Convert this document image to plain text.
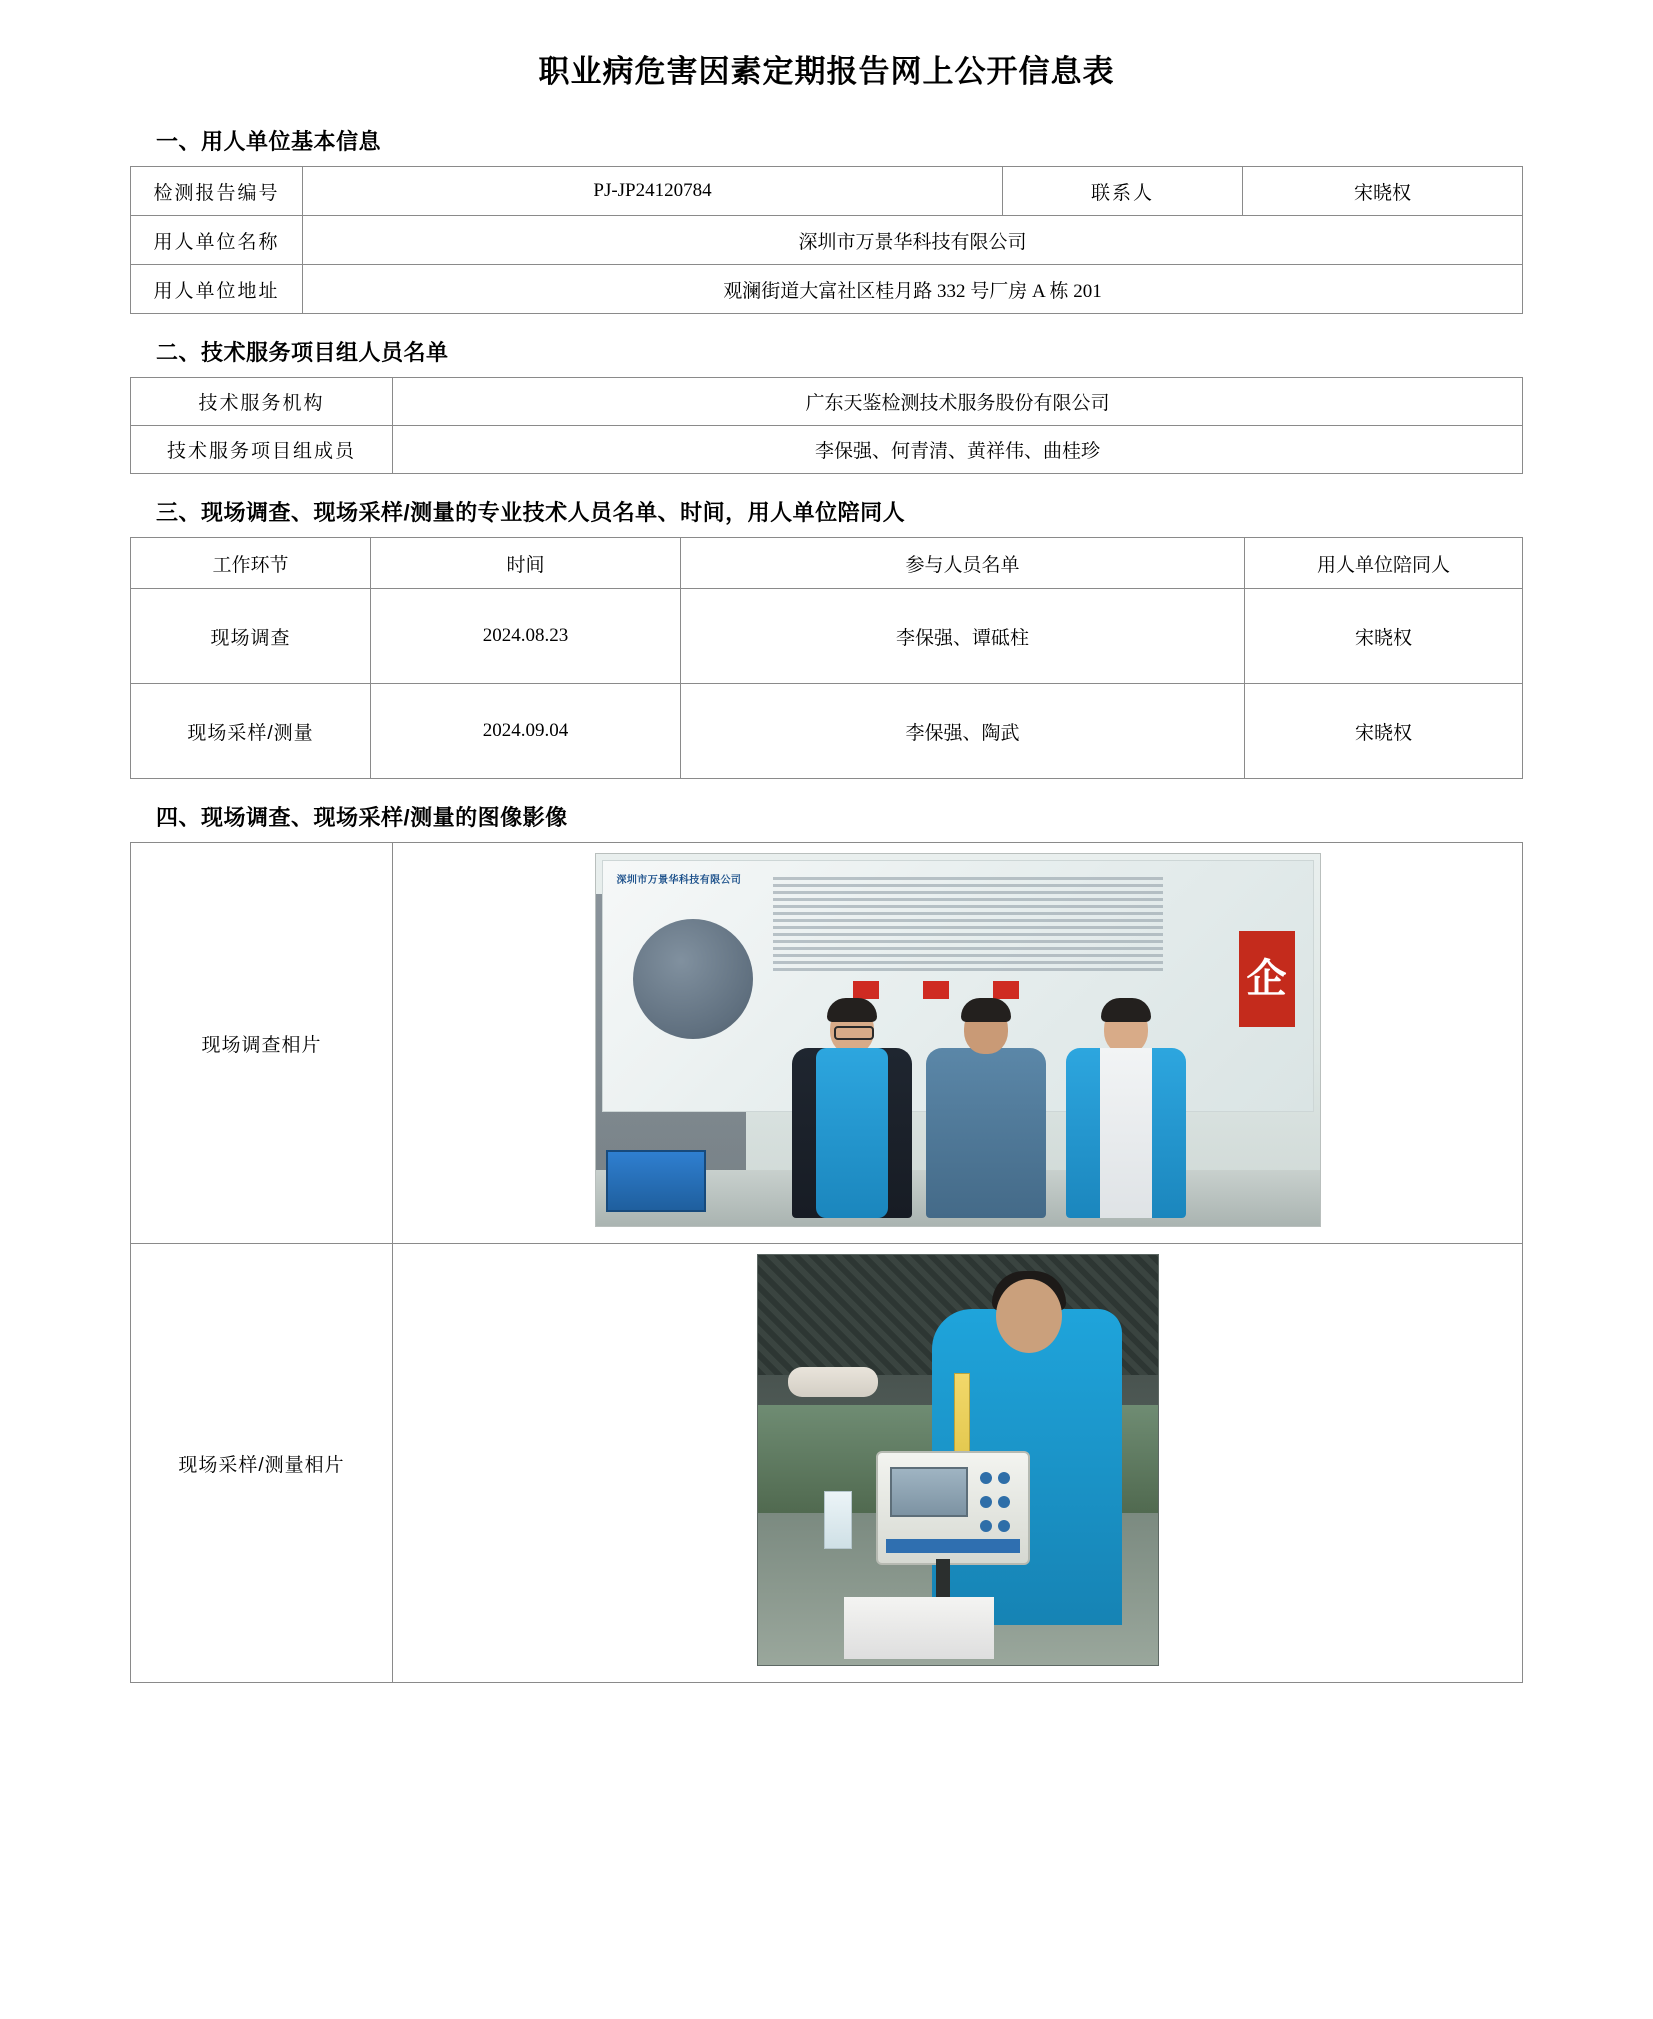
职业病危害因素定期报告网上公开信息表
一、用人单位基本信息
检测报告编号	PJ-JP24120784	联系人	宋晓权
用人单位名称	深圳市万景华科技有限公司		
用人单位地址	观澜街道大富社区桂月路 332 号厂房 A 栋 201		
二、技术服务项目组人员名单
技术服务机构	广东天鉴检测技术服务股份有限公司
技术服务项目组成员	李保强、何青清、黄祥伟、曲桂珍
三、现场调查、现场采样/测量的专业技术人员名单、时间，用人单位陪同人
工作环节	时间	参与人员名单	用人单位陪同人
现场调查	2024.08.23	李保强、谭砥柱	宋晓权
现场采样/测量	2024.09.04	李保强、陶武	宋晓权
四、现场调查、现场采样/测量的图像影像
现场调查相片	深圳市万景华科技有限公司
企

现场采样/测量相片	
